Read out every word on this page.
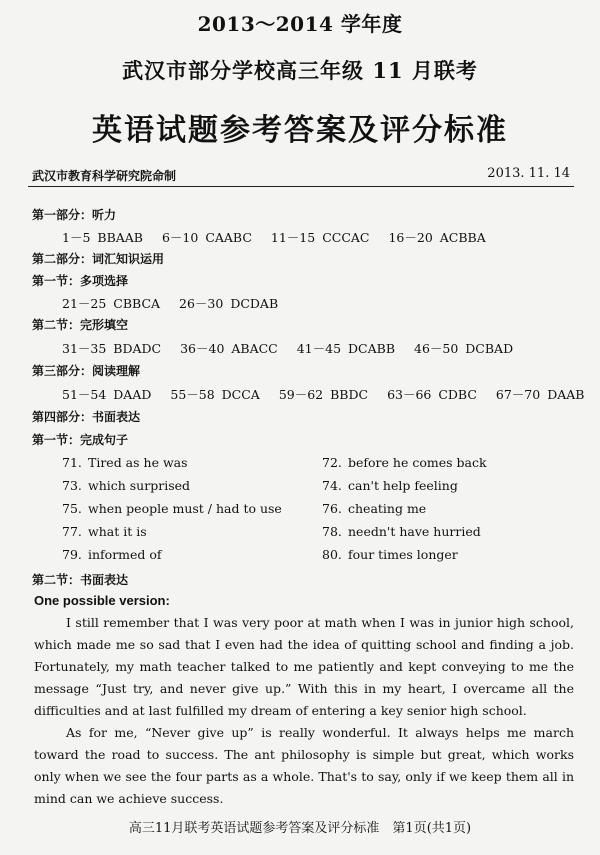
2013～2014 学年度
武汉市部分学校高三年级 11 月联考
英语试题参考答案及评分标准
武汉市教育科学研究院命制	2013. 11. 14
第一部分：听力
1－5 BBAAB 6－10 CAABC 11－15 CCCAC 16－20 ACBBA
第二部分：词汇知识运用
第一节：多项选择
21－25 CBBCA 26－30 DCDAB
第二节：完形填空
31－35 BDADC 36－40 ABACC 41－45 DCABB 46－50 DCBAD
第三部分：阅读理解
51－54 DAAD 55－58 DCCA 59－62 BBDC 63－66 CDBC 67－70 DAAB
第四部分：书面表达
第一节：完成句子
71. Tired as he was	72. before he comes back
73. which surprised	74. can't help feeling
75. when people must / had to use	76. cheating me
77. what it is	78. needn't have hurried
79. informed of	80. four times longer
第二节：书面表达
One possible version:

I still remember that I was very poor at math when I was in junior high school, which made me so sad that I even had the idea of quitting school and finding a job. Fortunately, my math teacher talked to me patiently and kept conveying to me the message “Just try, and never give up.” With this in my heart, I overcame all the difficulties and at last fulfilled my dream of entering a key senior high school.

As for me, “Never give up” is really wonderful. It always helps me march toward the road to success. The ant philosophy is simple but great, which works only when we see the four parts as a whole. That's to say, only if we keep them all in mind can we achieve success.

高三11月联考英语试题参考答案及评分标准　第1页(共1页)
